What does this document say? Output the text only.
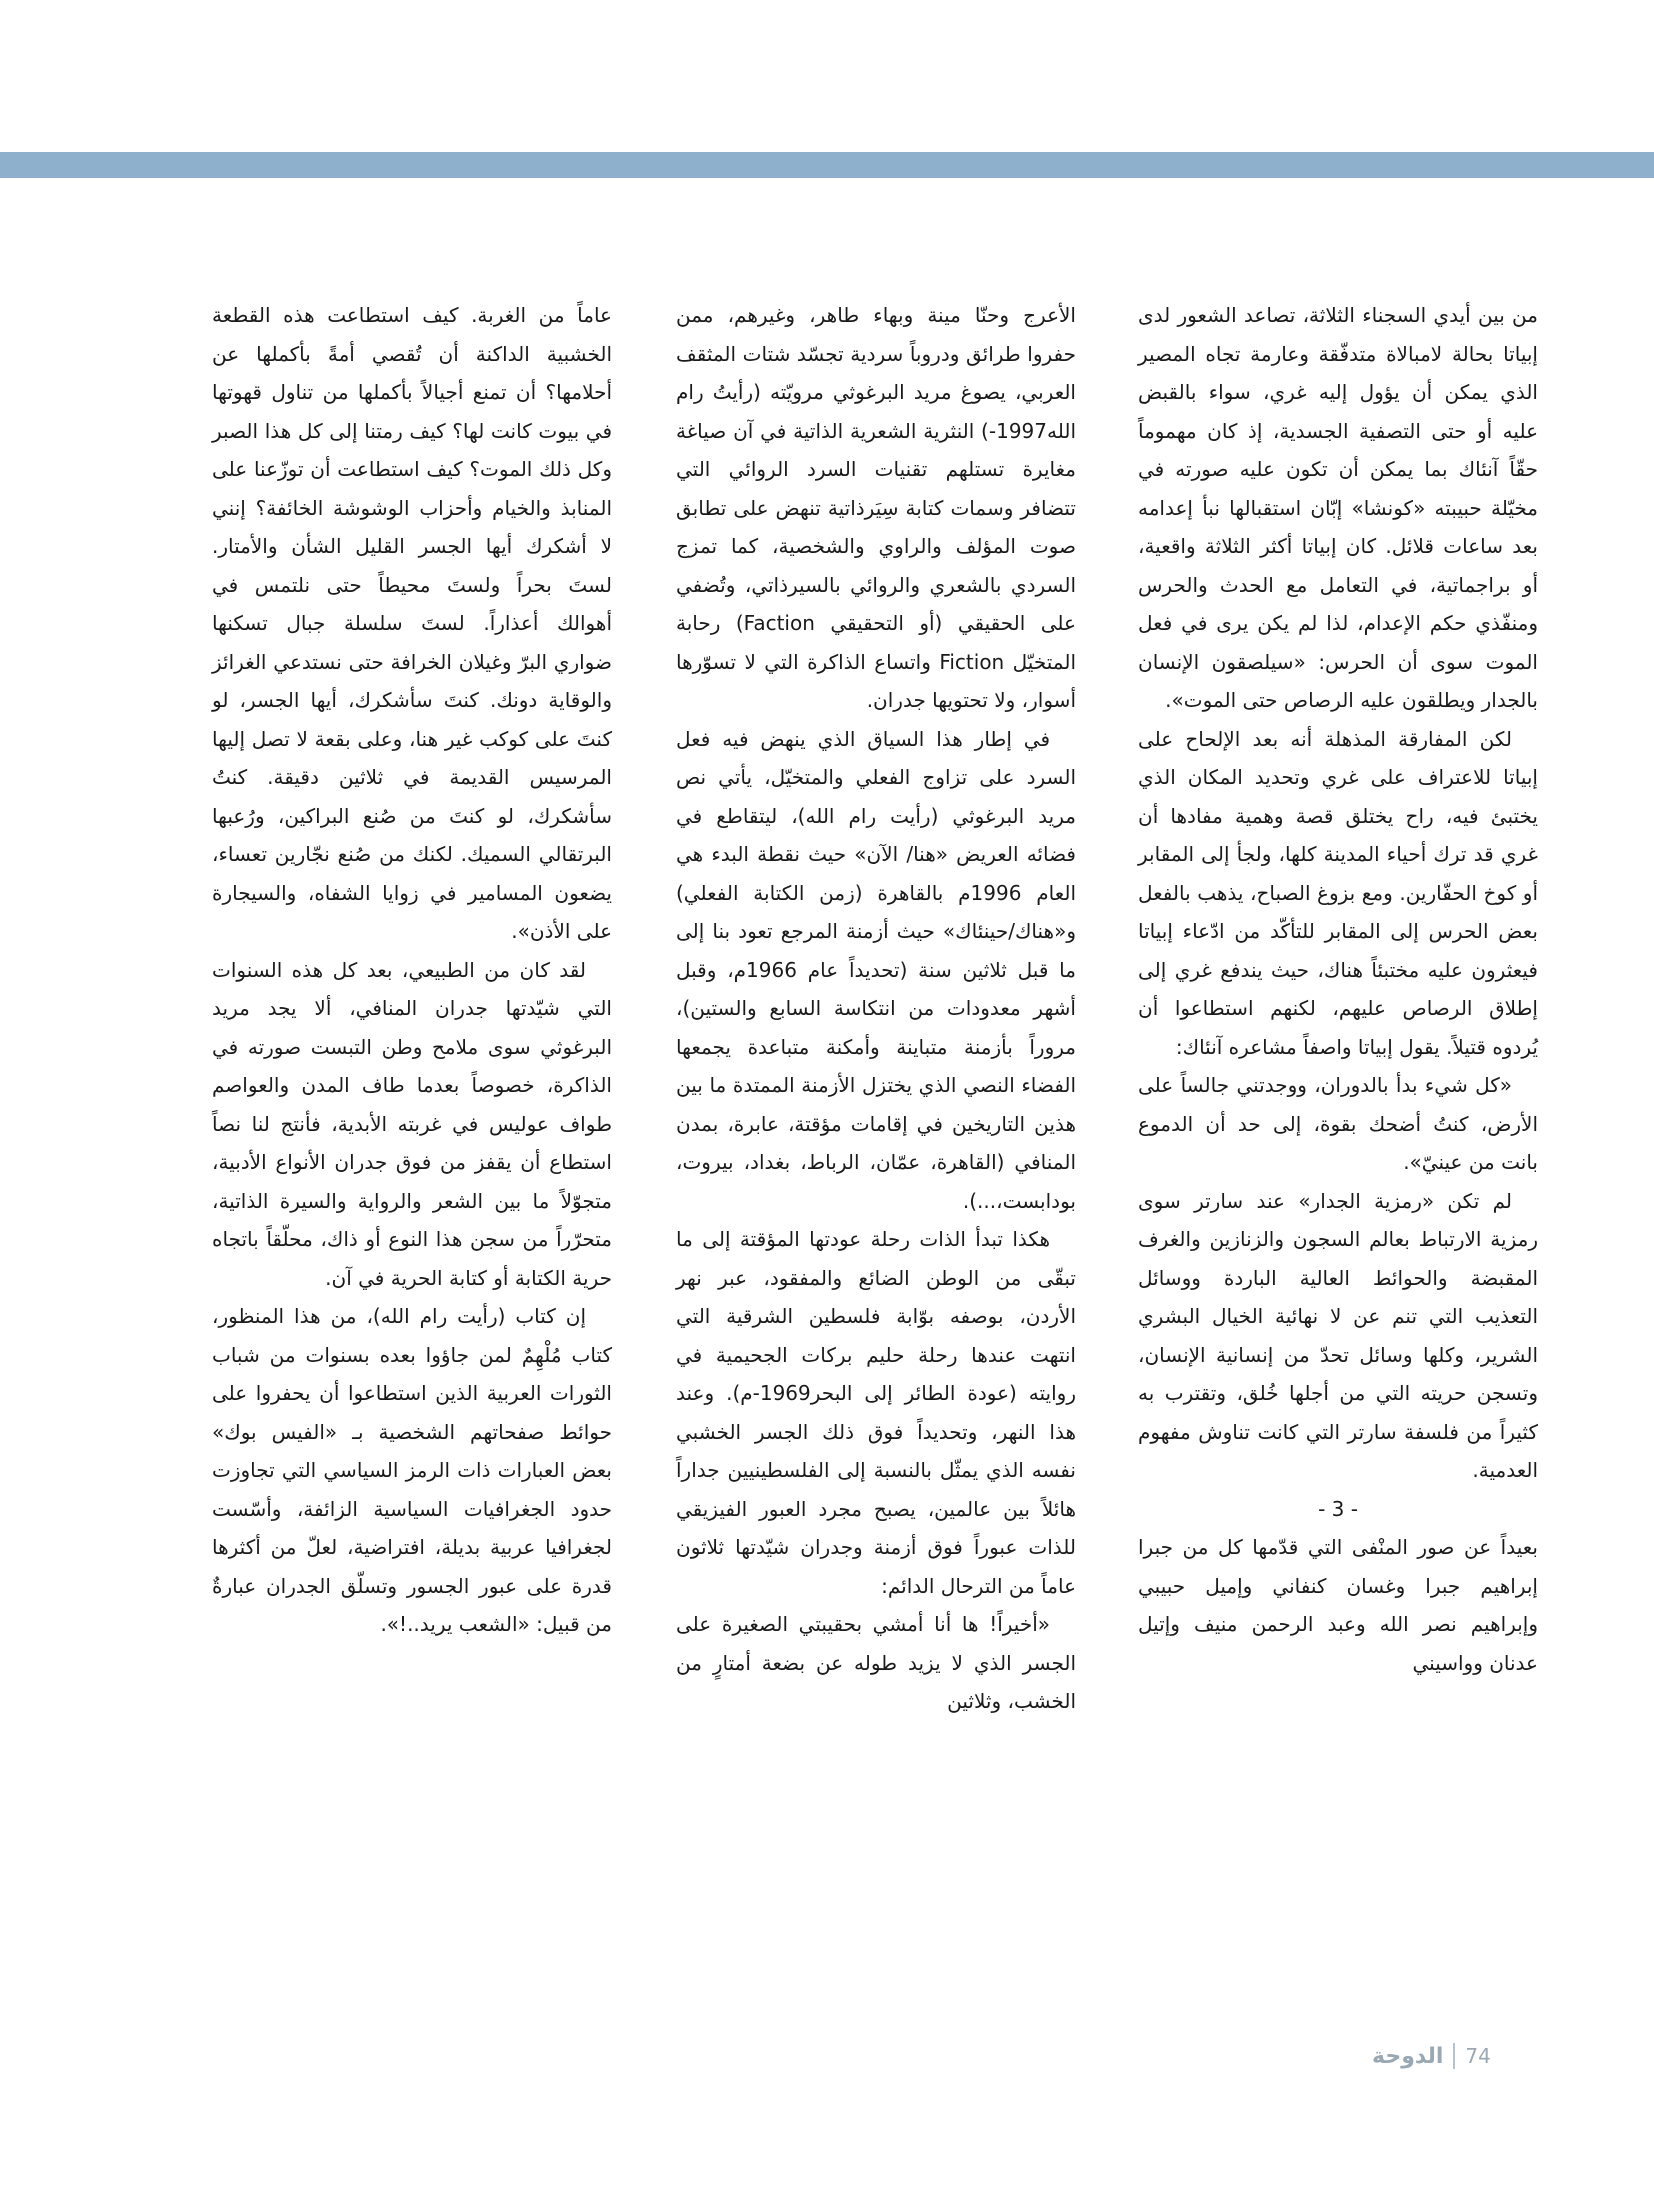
من بين أيدي السجناء الثلاثة، تصاعد الشعور لدى إبياتا بحالة لامبالاة متدفّقة وعارمة تجاه المصير الذي يمكن أن يؤول إليه غري، سواء بالقبض عليه أو حتى التصفية الجسدية، إذ كان مهموماً حقّاً آنئاك بما يمكن أن تكون عليه صورته في مخيّلة حبيبته «كونشا» إبّان استقبالها نبأ إعدامه بعد ساعات قلائل. كان إبياتا أكثر الثلاثة واقعية، أو براجماتية، في التعامل مع الحدث والحرس ومنفّذي حكم الإعدام، لذا لم يكن يرى في فعل الموت سوى أن الحرس: «سيلصقون الإنسان بالجدار ويطلقون عليه الرصاص حتى الموت».

لكن المفارقة المذهلة أنه بعد الإلحاح على إبياتا للاعتراف على غري وتحديد المكان الذي يختبئ فيه، راح يختلق قصة وهمية مفادها أن غري قد ترك أحياء المدينة كلها، ولجأ إلى المقابر أو كوخ الحفّارين. ومع بزوغ الصباح، يذهب بالفعل بعض الحرس إلى المقابر للتأكّد من ادّعاء إبياتا فيعثرون عليه مختبئاً هناك، حيث يندفع غري إلى إطلاق الرصاص عليهم، لكنهم استطاعوا أن يُردوه قتيلاً. يقول إبياتا واصفاً مشاعره آنئاك:

«كل شيء بدأ بالدوران، ووجدتني جالساً على الأرض، كنتُ أضحك بقوة، إلى حد أن الدموع بانت من عينيّ».

لم تكن «رمزية الجدار» عند سارتر سوى رمزية الارتباط بعالم السجون والزنازين والغرف المقبضة والحوائط العالية الباردة ووسائل التعذيب التي تنم عن لا نهائية الخيال البشري الشرير، وكلها وسائل تحدّ من إنسانية الإنسان، وتسجن حريته التي من أجلها خُلق، وتقترب به كثيراً من فلسفة سارتر التي كانت تناوش مفهوم العدمية.

- 3 -

بعيداً عن صور المنْفى التي قدّمها كل من جبرا إبراهيم جبرا وغسان كنفاني وإميل حبيبي وإبراهيم نصر الله وعبد الرحمن منيف وإتيل عدنان وواسيني

الأعرج وحنّا مينة وبهاء طاهر، وغيرهم، ممن حفروا طرائق ودروباً سردية تجسّد شتات المثقف العربي، يصوغ مريد البرغوثي مرويّته (رأيتُ رام الله1997-) النثرية الشعرية الذاتية في آن صياغة مغايرة تستلهم تقنيات السرد الروائي التي تتضافر وسمات كتابة سِيَرذاتية تنهض على تطابق صوت المؤلف والراوي والشخصية، كما تمزج السردي بالشعري والروائي بالسيرذاتي، وتُضفي على الحقيقي (أو التحقيقي Faction) رحابة المتخيّل Fiction واتساع الذاكرة التي لا تسوّرها أسوار، ولا تحتويها جدران.

في إطار هذا السياق الذي ينهض فيه فعل السرد على تزاوج الفعلي والمتخيّل، يأتي نص مريد البرغوثي (رأيت رام الله)، ليتقاطع في فضائه العريض «هنا/ الآن» حيث نقطة البدء هي العام 1996م بالقاهرة (زمن الكتابة الفعلي) و«هناك/حينئاك» حيث أزمنة المرجع تعود بنا إلى ما قبل ثلاثين سنة (تحديداً عام 1966م، وقبل أشهر معدودات من انتكاسة السابع والستين)، مروراً بأزمنة متباينة وأمكنة متباعدة يجمعها الفضاء النصي الذي يختزل الأزمنة الممتدة ما بين هذين التاريخين في إقامات مؤقتة، عابرة، بمدن المنافي (القاهرة، عمّان، الرباط، بغداد، بيروت، بودابست،...).

هكذا تبدأ الذات رحلة عودتها المؤقتة إلى ما تبقّى من الوطن الضائع والمفقود، عبر نهر الأردن، بوصفه بوّابة فلسطين الشرقية التي انتهت عندها رحلة حليم بركات الجحيمية في روايته (عودة الطائر إلى البحر1969-م). وعند هذا النهر، وتحديداً فوق ذلك الجسر الخشبي نفسه الذي يمثّل بالنسبة إلى الفلسطينيين جداراً هائلاً بين عالمين، يصبح مجرد العبور الفيزيقي للذات عبوراً فوق أزمنة وجدران شيّدتها ثلاثون عاماً من الترحال الدائم:

«أخيراً! ها أنا أمشي بحقيبتي الصغيرة على الجسر الذي لا يزيد طوله عن بضعة أمتارٍ من الخشب، وثلاثين

عاماً من الغربة. كيف استطاعت هذه القطعة الخشبية الداكنة أن تُقصي أمةً بأكملها عن أحلامها؟ أن تمنع أجيالاً بأكملها من تناول قهوتها في بيوت كانت لها؟ كيف رمتنا إلى كل هذا الصبر وكل ذلك الموت؟ كيف استطاعت أن توزّعنا على المنابذ والخيام وأحزاب الوشوشة الخائفة؟ إنني لا أشكرك أيها الجسر القليل الشأن والأمتار. لستَ بحراً ولستَ محيطاً حتى نلتمس في أهوالك أعذاراً. لستَ سلسلة جبال تسكنها ضواري البرّ وغيلان الخرافة حتى نستدعي الغرائز والوقاية دونك. كنتَ سأشكرك، أيها الجسر، لو كنتَ على كوكب غير هنا، وعلى بقعة لا تصل إليها المرسيس القديمة في ثلاثين دقيقة. كنتُ سأشكرك، لو كنتَ من صُنع البراكين، ورُعبها البرتقالي السميك. لكنك من صُنع نجّارين تعساء، يضعون المسامير في زوايا الشفاه، والسيجارة على الأذن».

لقد كان من الطبيعي، بعد كل هذه السنوات التي شيّدتها جدران المنافي، ألا يجد مريد البرغوثي سوى ملامح وطن التبست صورته في الذاكرة، خصوصاً بعدما طاف المدن والعواصم طواف عوليس في غربته الأبدية، فأنتج لنا نصاً استطاع أن يقفز من فوق جدران الأنواع الأدبية، متجوّلاً ما بين الشعر والرواية والسيرة الذاتية، متحرّراً من سجن هذا النوع أو ذاك، محلّقاً باتجاه حرية الكتابة أو كتابة الحرية في آن.

إن كتاب (رأيت رام الله)، من هذا المنظور، كتاب مُلْهِمٌ لمن جاؤوا بعده بسنوات من شباب الثورات العربية الذين استطاعوا أن يحفروا على حوائط صفحاتهم الشخصية بـ «الفيس بوك» بعض العبارات ذات الرمز السياسي التي تجاوزت حدود الجغرافيات السياسية الزائفة، وأسّست لجغرافيا عربية بديلة، افتراضية، لعلّ من أكثرها قدرة على عبور الجسور وتسلّق الجدران عبارةٌ من قبيل: «الشعب يريد..!».

الدوحة 74
